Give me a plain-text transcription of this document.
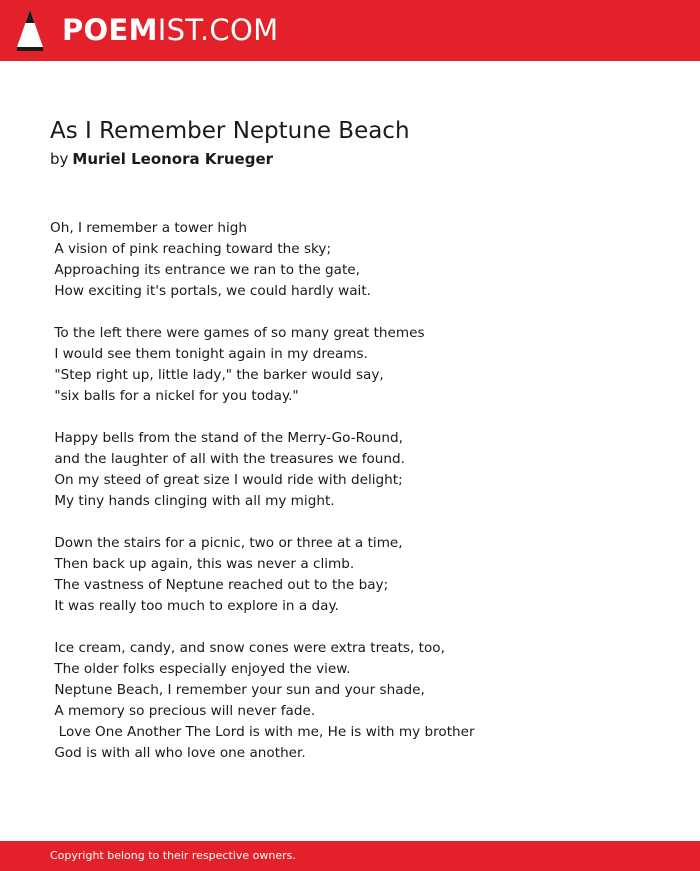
POEMIST.COM
As I Remember Neptune Beach
by Muriel Leonora Krueger
Oh, I remember a tower high
A vision of pink reaching toward the sky;
Approaching its entrance we ran to the gate,
How exciting it's portals, we could hardly wait.

To the left there were games of so many great themes
I would see them tonight again in my dreams.
"Step right up, little lady," the barker would say,
"six balls for a nickel for you today."

Happy bells from the stand of the Merry-Go-Round,
and the laughter of all with the treasures we found.
On my steed of great size I would ride with delight;
My tiny hands clinging with all my might.

Down the stairs for a picnic, two or three at a time,
Then back up again, this was never a climb.
The vastness of Neptune reached out to the bay;
It was really too much to explore in a day.

Ice cream, candy, and snow cones were extra treats, too,
The older folks especially enjoyed the view.
Neptune Beach, I remember your sun and your shade,
A memory so precious will never fade.
Love One Another The Lord is with me, He is with my brother
God is with all who love one another.
Copyright belong to their respective owners.
